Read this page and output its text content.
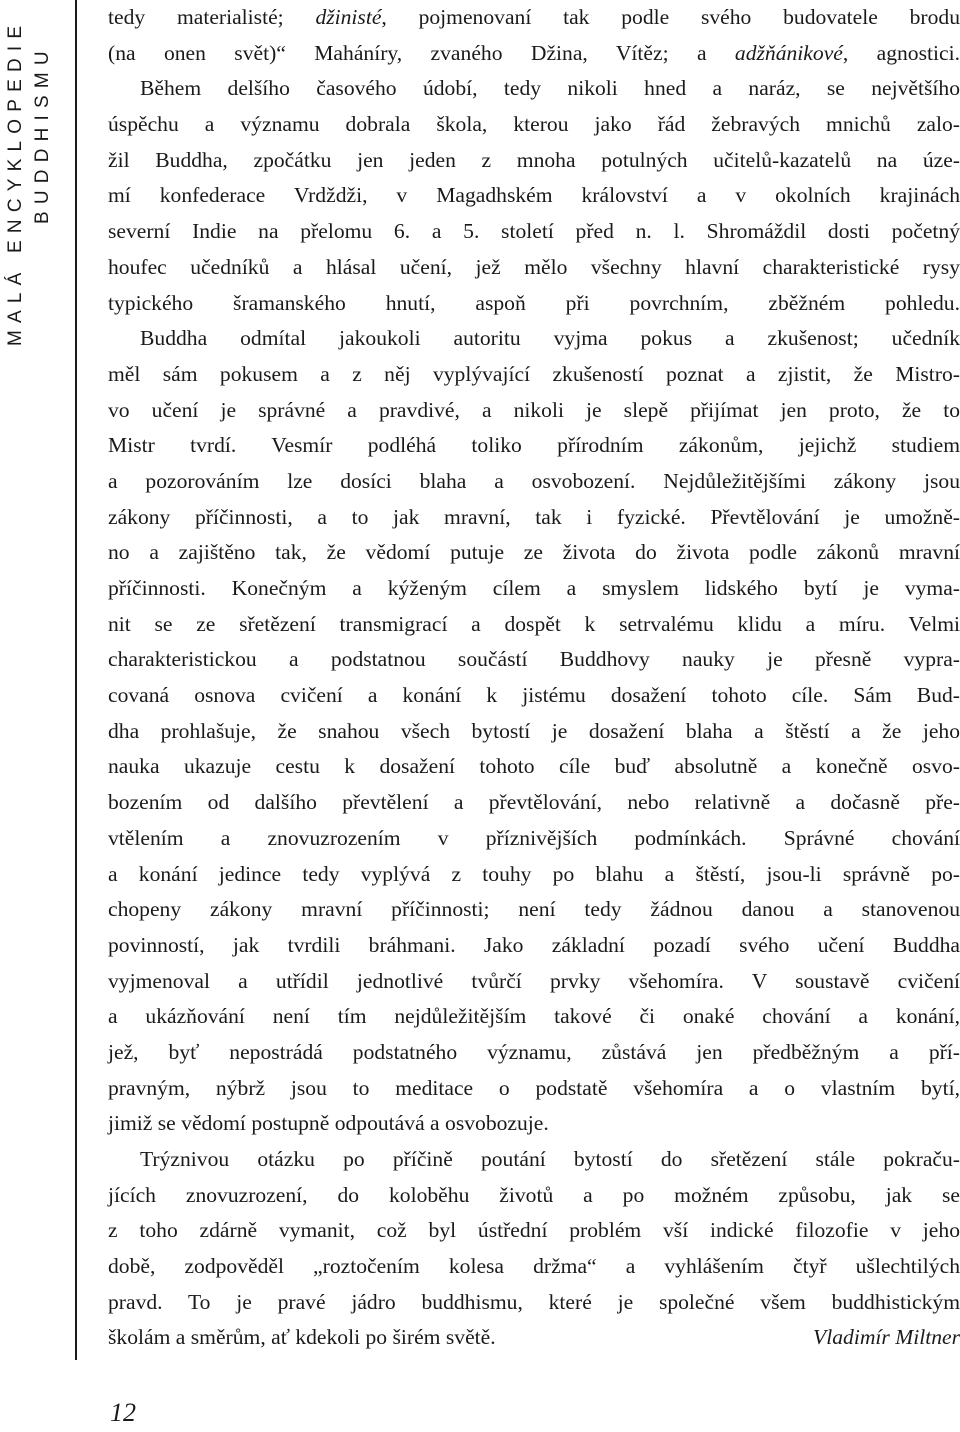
MALÁ ENCYKLOPEDIE BUDDHISMU
tedy materialisté; džinisté, pojmenovaní tak podle svého budovatele brodu
(na onen svět)“ Maháníry, zvaného Džina, Vítěz; a adžňánikové, agnostici.
Během delšího časového údobí, tedy nikoli hned a naráz, se největšího
úspěchu a významu dobrala škola, kterou jako řád žebravých mnichů zalo-
žil Buddha, zpočátku jen jeden z mnoha potulných učitelů-kazatelů na úze-
mí konfederace Vrdždži, v Magadhském království a v okolních krajinách
severní Indie na přelomu 6. a 5. století před n. l. Shromáždil dosti početný
houfec učedníků a hlásal učení, jež mělo všechny hlavní charakteristické rysy
typického šramanského hnutí, aspoň při povrchním, zběžném pohledu.
Buddha odmítal jakoukoli autoritu vyjma pokus a zkušenost; učedník
měl sám pokusem a z něj vyplývající zkušeností poznat a zjistit, že Mistro-
vo učení je správné a pravdivé, a nikoli je slepě přijímat jen proto, že to
Mistr tvrdí. Vesmír podléhá toliko přírodním zákonům, jejichž studiem
a pozorováním lze dosíci blaha a osvobození. Nejdůležitějšími zákony jsou
zákony příčinnosti, a to jak mravní, tak i fyzické. Převtělování je umožně-
no a zajištěno tak, že vědomí putuje ze života do života podle zákonů mravní
příčinnosti. Konečným a kýženým cílem a smyslem lidského bytí je vyma-
nit se ze sřetězení transmigrací a dospět k setrvalému klidu a míru. Velmi
charakteristickou a podstatnou součástí Buddhovy nauky je přesně vypra-
covaná osnova cvičení a konání k jistému dosažení tohoto cíle. Sám Bud-
dha prohlašuje, že snahou všech bytostí je dosažení blaha a štěstí a že jeho
nauka ukazuje cestu k dosažení tohoto cíle buď absolutně a konečně osvo-
bozením od dalšího převtělení a převtělování, nebo relativně a dočasně pře-
vtělením a znovuzrozením v příznivějších podmínkách. Správné chování
a konání jedince tedy vyplývá z touhy po blahu a štěstí, jsou-li správně po-
chopeny zákony mravní příčinnosti; není tedy žádnou danou a stanovenou
povinností, jak tvrdili bráhmani. Jako základní pozadí svého učení Buddha
vyjmenoval a utřídil jednotlivé tvůrčí prvky všehomíra. V soustavě cvičení
a ukázňování není tím nejdůležitějším takové či onaké chování a konání,
jež, byť nepostrádá podstatného významu, zůstává jen předběžným a pří-
pravným, nýbrž jsou to meditace o podstatě všehomíra a o vlastním bytí,
jimiž se vědomí postupně odpoutává a osvobozuje.
Trýznivou otázku po příčině poutání bytostí do sřetězení stále pokraču-
jících znovuzrození, do koloběhu životů a po možném způsobu, jak se
z toho zdárně vymanit, což byl ústřední problém vší indické filozofie v jeho
době, zodpověděl „roztočením kolesa držma“ a vyhlášením čtyř ušlechtilých
pravd. To je pravé jádro buddhismu, které je společné všem buddhistickým
školám a směrům, ať kdekoli po širém světě.	Vladimír Miltner
12
